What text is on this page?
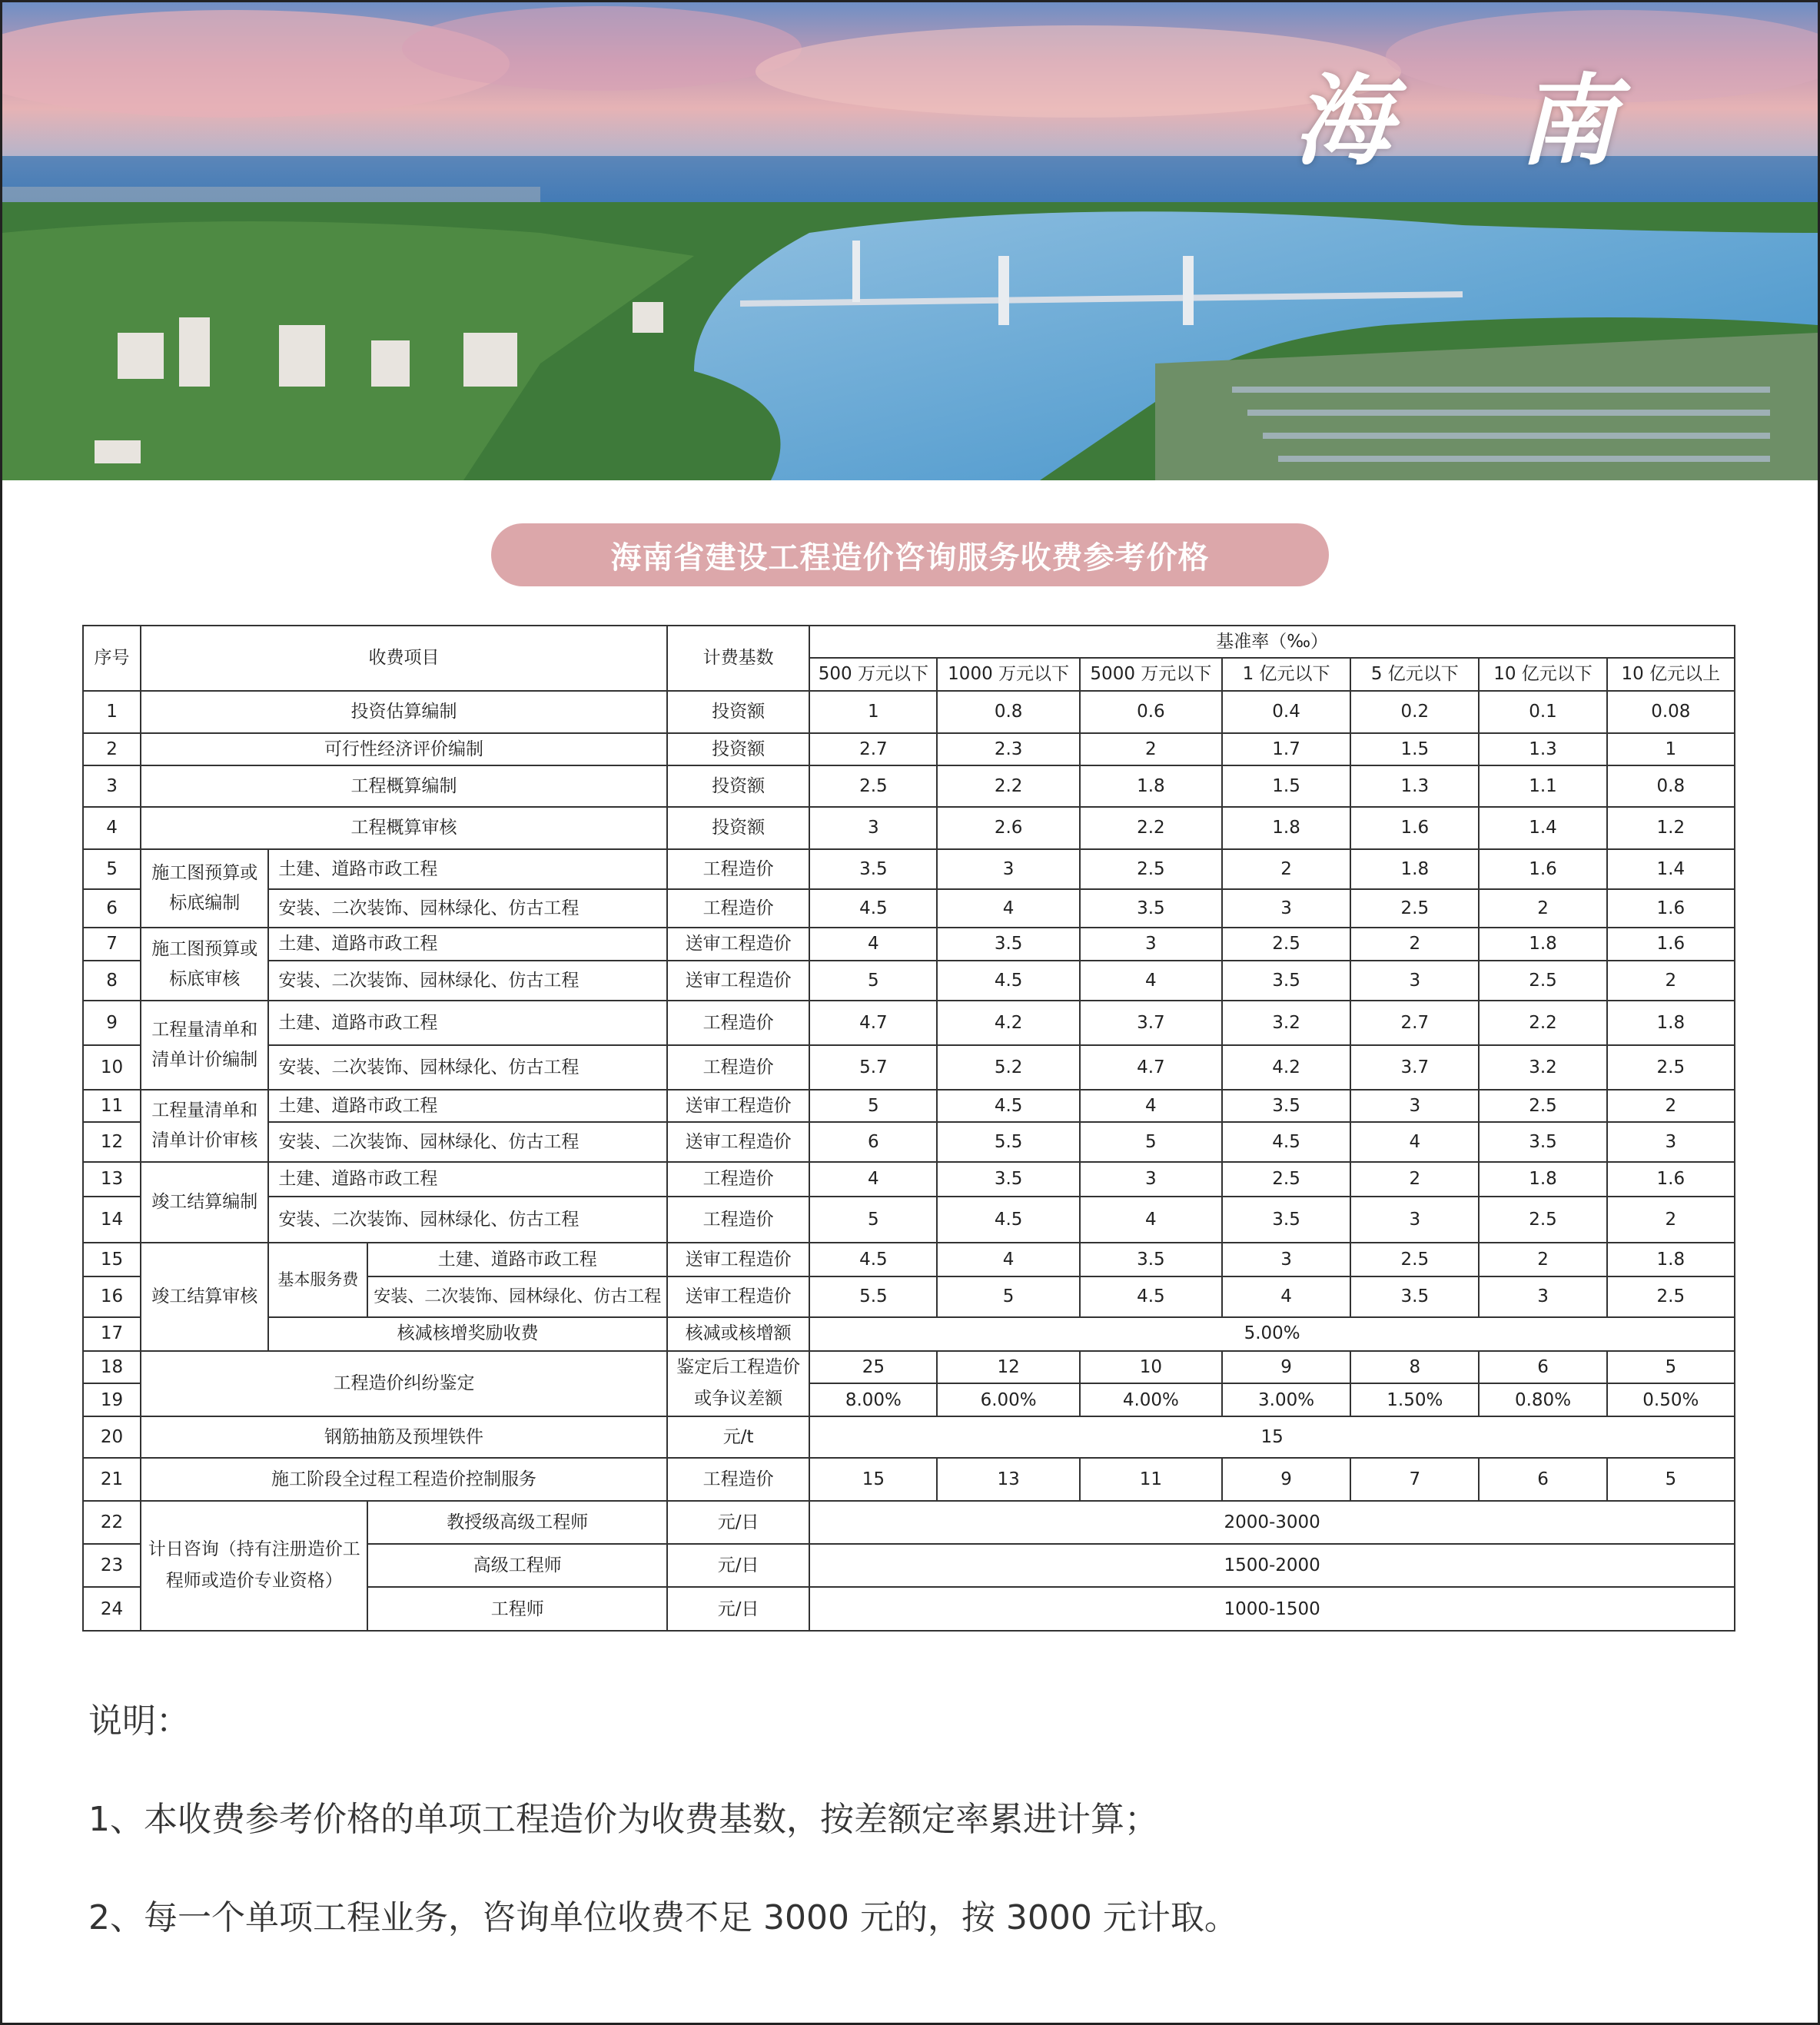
海 南
海南省建设工程造价咨询服务收费参考价格
序号	收费项目			计费基数	基准率（‰）						
					500 万元以下	1000 万元以下	5000 万元以下	1 亿元以下	5 亿元以下	10 亿元以下	10 亿元以上
1	投资估算编制			投资额	1	0.8	0.6	0.4	0.2	0.1	0.08
2	可行性经济评价编制			投资额	2.7	2.3	2	1.7	1.5	1.3	1
3	工程概算编制			投资额	2.5	2.2	1.8	1.5	1.3	1.1	0.8
4	工程概算审核			投资额	3	2.6	2.2	1.8	1.6	1.4	1.2
5	施工图预算或标底编制	土建、道路市政工程		工程造价	3.5	3	2.5	2	1.8	1.6	1.4
6		安装、二次装饰、园林绿化、仿古工程		工程造价	4.5	4	3.5	3	2.5	2	1.6
7	施工图预算或标底审核	土建、道路市政工程		送审工程造价	4	3.5	3	2.5	2	1.8	1.6
8		安装、二次装饰、园林绿化、仿古工程		送审工程造价	5	4.5	4	3.5	3	2.5	2
9	工程量清单和清单计价编制	土建、道路市政工程		工程造价	4.7	4.2	3.7	3.2	2.7	2.2	1.8
10		安装、二次装饰、园林绿化、仿古工程		工程造价	5.7	5.2	4.7	4.2	3.7	3.2	2.5
11	工程量清单和清单计价审核	土建、道路市政工程		送审工程造价	5	4.5	4	3.5	3	2.5	2
12		安装、二次装饰、园林绿化、仿古工程		送审工程造价	6	5.5	5	4.5	4	3.5	3
13	竣工结算编制	土建、道路市政工程		工程造价	4	3.5	3	2.5	2	1.8	1.6
14		安装、二次装饰、园林绿化、仿古工程		工程造价	5	4.5	4	3.5	3	2.5	2
15	竣工结算审核	基本服务费	土建、道路市政工程	送审工程造价	4.5	4	3.5	3	2.5	2	1.8
16			安装、二次装饰、园林绿化、仿古工程	送审工程造价	5.5	5	4.5	4	3.5	3	2.5
17		核减核增奖励收费		核减或核增额	5.00%						
18	工程造价纠纷鉴定			鉴定后工程造价或争议差额	25	12	10	9	8	6	5
19					8.00%	6.00%	4.00%	3.00%	1.50%	0.80%	0.50%
20	钢筋抽筋及预埋铁件			元/t	15						
21	施工阶段全过程工程造价控制服务			工程造价	15	13	11	9	7	6	5
22	计日咨询（持有注册造价工程师或造价专业资格）		教授级高级工程师	元/日	2000-3000						
23			高级工程师	元/日	1500-2000						
24			工程师	元/日	1000-1500						

说明：

1、本收费参考价格的单项工程造价为收费基数，按差额定率累进计算；

2、每一个单项工程业务，咨询单位收费不足 3000 元的，按 3000 元计取。
